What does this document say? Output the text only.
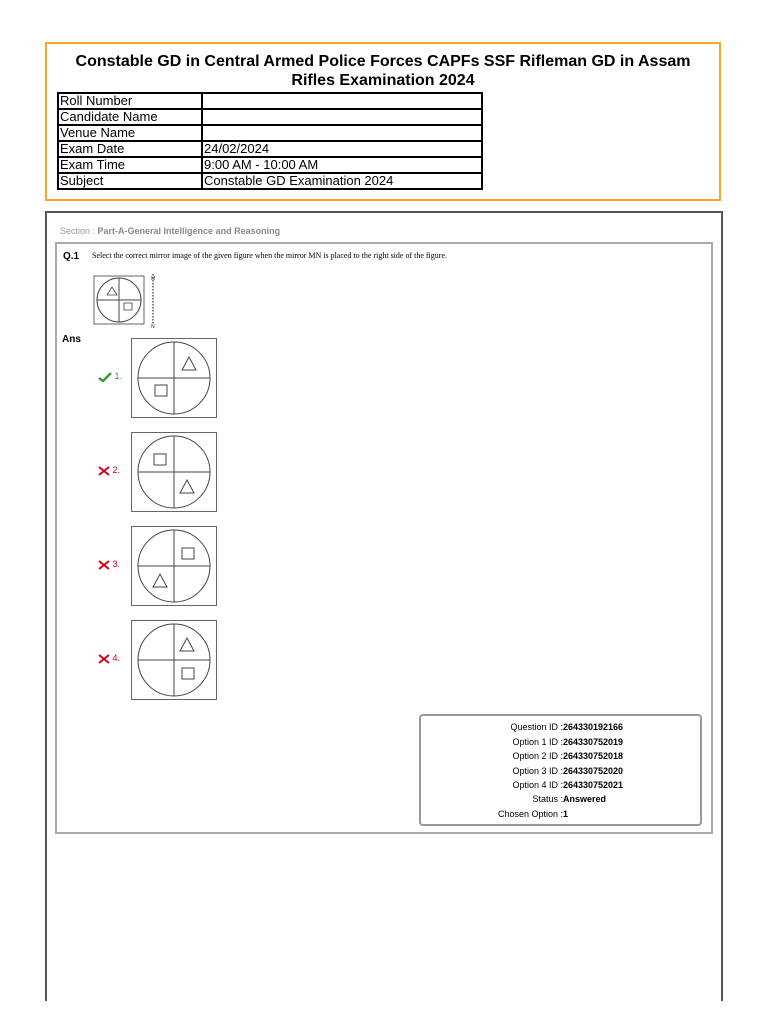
Constable GD in Central Armed Police Forces CAPFs SSF Rifleman GD in Assam
Rifles Examination 2024
Roll Number	
Candidate Name	
Venue Name	
Exam Date	24/02/2024
Exam Time	9:00 AM - 10:00 AM
Subject	Constable GD Examination 2024
Section : Part-A-General Intelligence and Reasoning
Q.1 Select the correct mirror image of the given figure when the mirror MN is placed to the right side of the figure.
M
N
Ans
1.
2.
3.
4.
Question ID :264330192166
Option 1 ID :264330752019
Option 2 ID :264330752018
Option 3 ID :264330752020
Option 4 ID :264330752021
Status :Answered
Chosen Option :1
